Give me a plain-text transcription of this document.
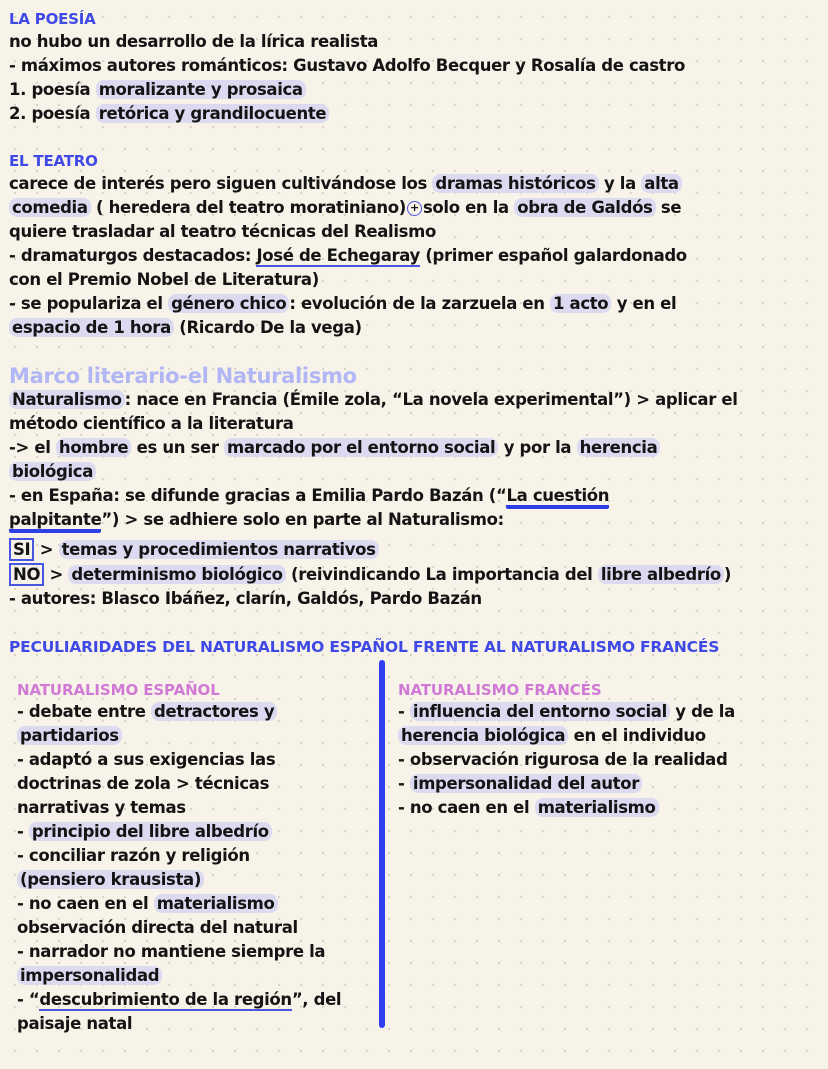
LA POESÍA
no hubo un desarrollo de la lírica realista
- máximos autores románticos: Gustavo Adolfo Becquer y Rosalía de castro
1. poesía moralizante y prosaica
2. poesía retórica y grandilocuente
EL TEATRO
carece de interés pero siguen cultivándose los dramas históricos y la alta
comedia ( heredera del teatro moratiniano) + solo en la obra de Galdós se
quiere trasladar al teatro técnicas del Realismo
- dramaturgos destacados: José de Echegaray (primer español galardonado
con el Premio Nobel de Literatura)
- se populariza el género chico : evolución de la zarzuela en 1 acto y en el
espacio de 1 hora (Ricardo De la vega)
Marco literario-el Naturalismo
Naturalismo : nace en Francia (Émile zola, “La novela experimental”) > aplicar el
método científico a la literatura
-> el hombre es un ser marcado por el entorno social y por la herencia
biológica
- en España: se difunde gracias a Emilia Pardo Bazán (“La cuestión
palpitante”) > se adhiere solo en parte al Naturalismo:
SI > temas y procedimientos narrativos
NO > determinismo biológico (reivindicando La importancia del libre albedrío )
- autores: Blasco Ibáñez, clarín, Galdós, Pardo Bazán
PECULIARIDADES DEL NATURALISMO ESPAÑOL FRENTE AL NATURALISMO FRANCÉS
NATURALISMO ESPAÑOL
- debate entre detractores y
partidarios
- adaptó a sus exigencias las
doctrinas de zola > técnicas
narrativas y temas
- principio del libre albedrío
- conciliar razón y religión
(pensiero krausista)
- no caen en el materialismo
observación directa del natural
- narrador no mantiene siempre la
impersonalidad
- “descubrimiento de la región”, del
paisaje natal
NATURALISMO FRANCÉS
- influencia del entorno social y de la
herencia biológica en el individuo
- observación rigurosa de la realidad
- impersonalidad del autor
- no caen en el materialismo
